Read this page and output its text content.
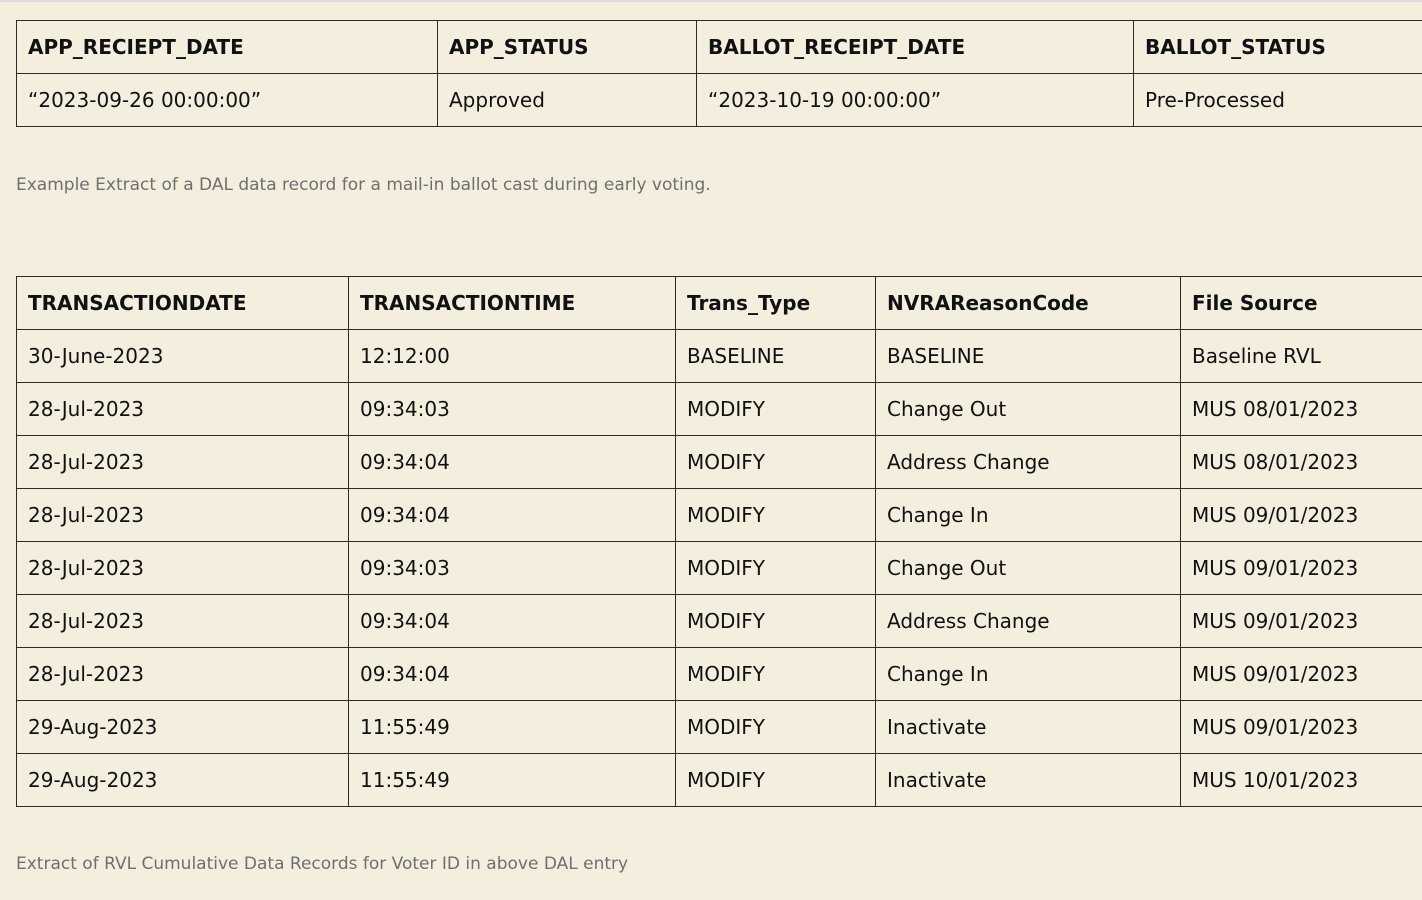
APP_RECIEPT_DATE	APP_STATUS	BALLOT_RECEIPT_DATE	BALLOT_STATUS
“2023-09-26 00:00:00”	Approved	“2023-10-19 00:00:00”	Pre-Processed
Example Extract of a DAL data record for a mail-in ballot cast during early voting.
TRANSACTIONDATE	TRANSACTIONTIME	Trans_Type	NVRAReasonCode	File Source
30-June-2023	12:12:00	BASELINE	BASELINE	Baseline RVL
28-Jul-2023	09:34:03	MODIFY	Change Out	MUS 08/01/2023
28-Jul-2023	09:34:04	MODIFY	Address Change	MUS 08/01/2023
28-Jul-2023	09:34:04	MODIFY	Change In	MUS 09/01/2023
28-Jul-2023	09:34:03	MODIFY	Change Out	MUS 09/01/2023
28-Jul-2023	09:34:04	MODIFY	Address Change	MUS 09/01/2023
28-Jul-2023	09:34:04	MODIFY	Change In	MUS 09/01/2023
29-Aug-2023	11:55:49	MODIFY	Inactivate	MUS 09/01/2023
29-Aug-2023	11:55:49	MODIFY	Inactivate	MUS 10/01/2023
Extract of RVL Cumulative Data Records for Voter ID in above DAL entry
